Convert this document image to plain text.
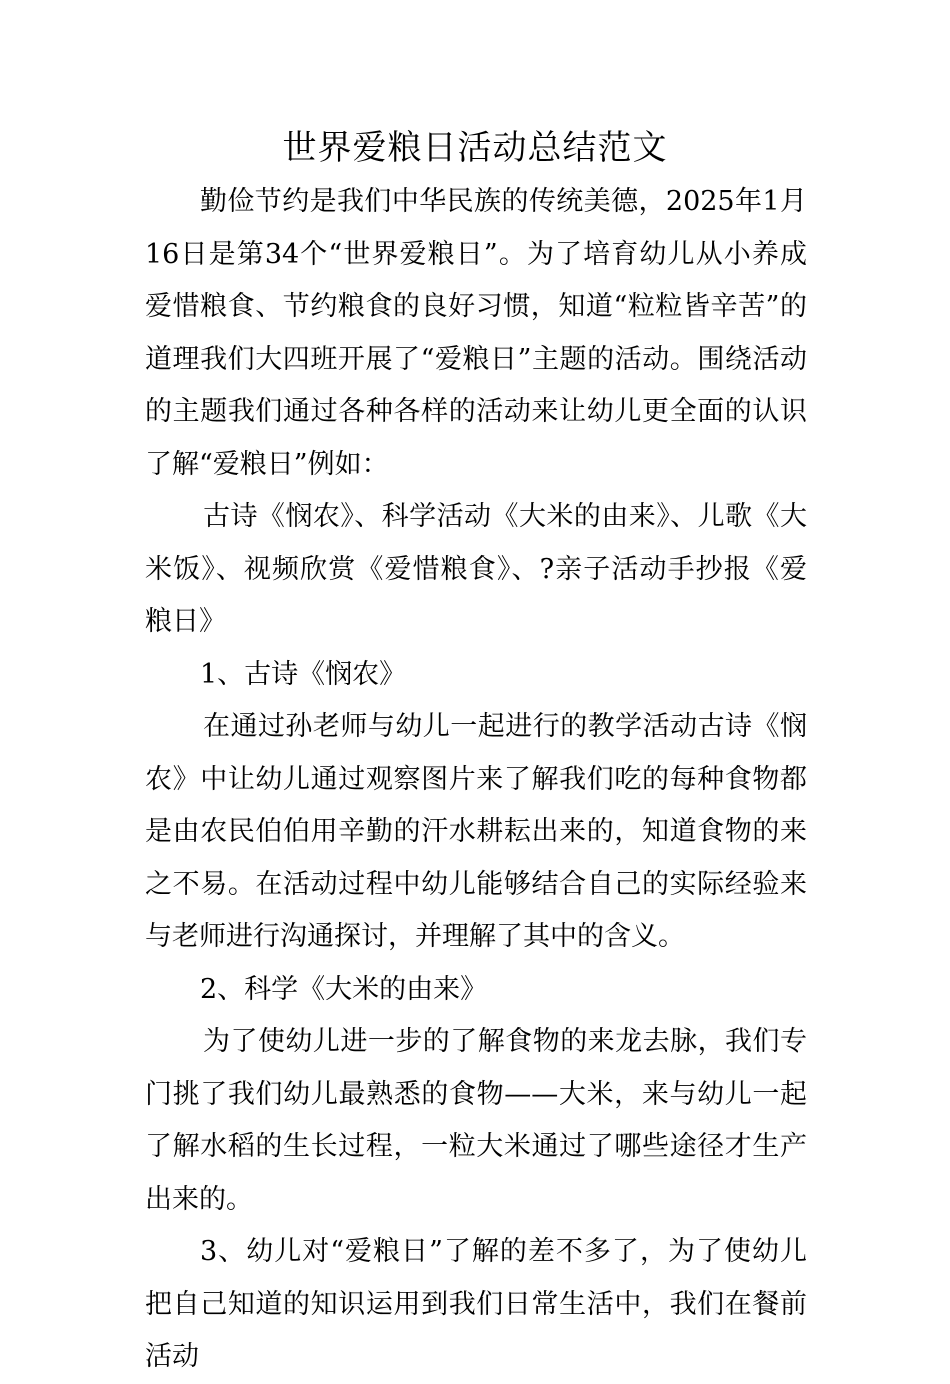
世界爱粮日活动总结范文

勤俭节约是我们中华民族的传统美德，2025年1月16日是第34个“世界爱粮日”。为了培育幼儿从小养成爱惜粮食、节约粮食的良好习惯，知道“粒粒皆辛苦”的道理我们大四班开展了“爱粮日”主题的活动。围绕活动的主题我们通过各种各样的活动来让幼儿更全面的认识了解“爱粮日”例如：

古诗《悯农》、科学活动《大米的由来》、儿歌《大米饭》、视频欣赏《爱惜粮食》、?亲子活动手抄报《爱粮日》

1、古诗《悯农》

在通过孙老师与幼儿一起进行的教学活动古诗《悯农》中让幼儿通过观察图片来了解我们吃的每种食物都是由农民伯伯用辛勤的汗水耕耘出来的，知道食物的来之不易。在活动过程中幼儿能够结合自己的实际经验来与老师进行沟通探讨，并理解了其中的含义。

2、科学《大米的由来》

为了使幼儿进一步的了解食物的来龙去脉，我们专门挑了我们幼儿最熟悉的食物——大米，来与幼儿一起了解水稻的生长过程，一粒大米通过了哪些途径才生产出来的。

3、幼儿对“爱粮日”了解的差不多了，为了使幼儿把自己知道的知识运用到我们日常生活中，我们在餐前活动
